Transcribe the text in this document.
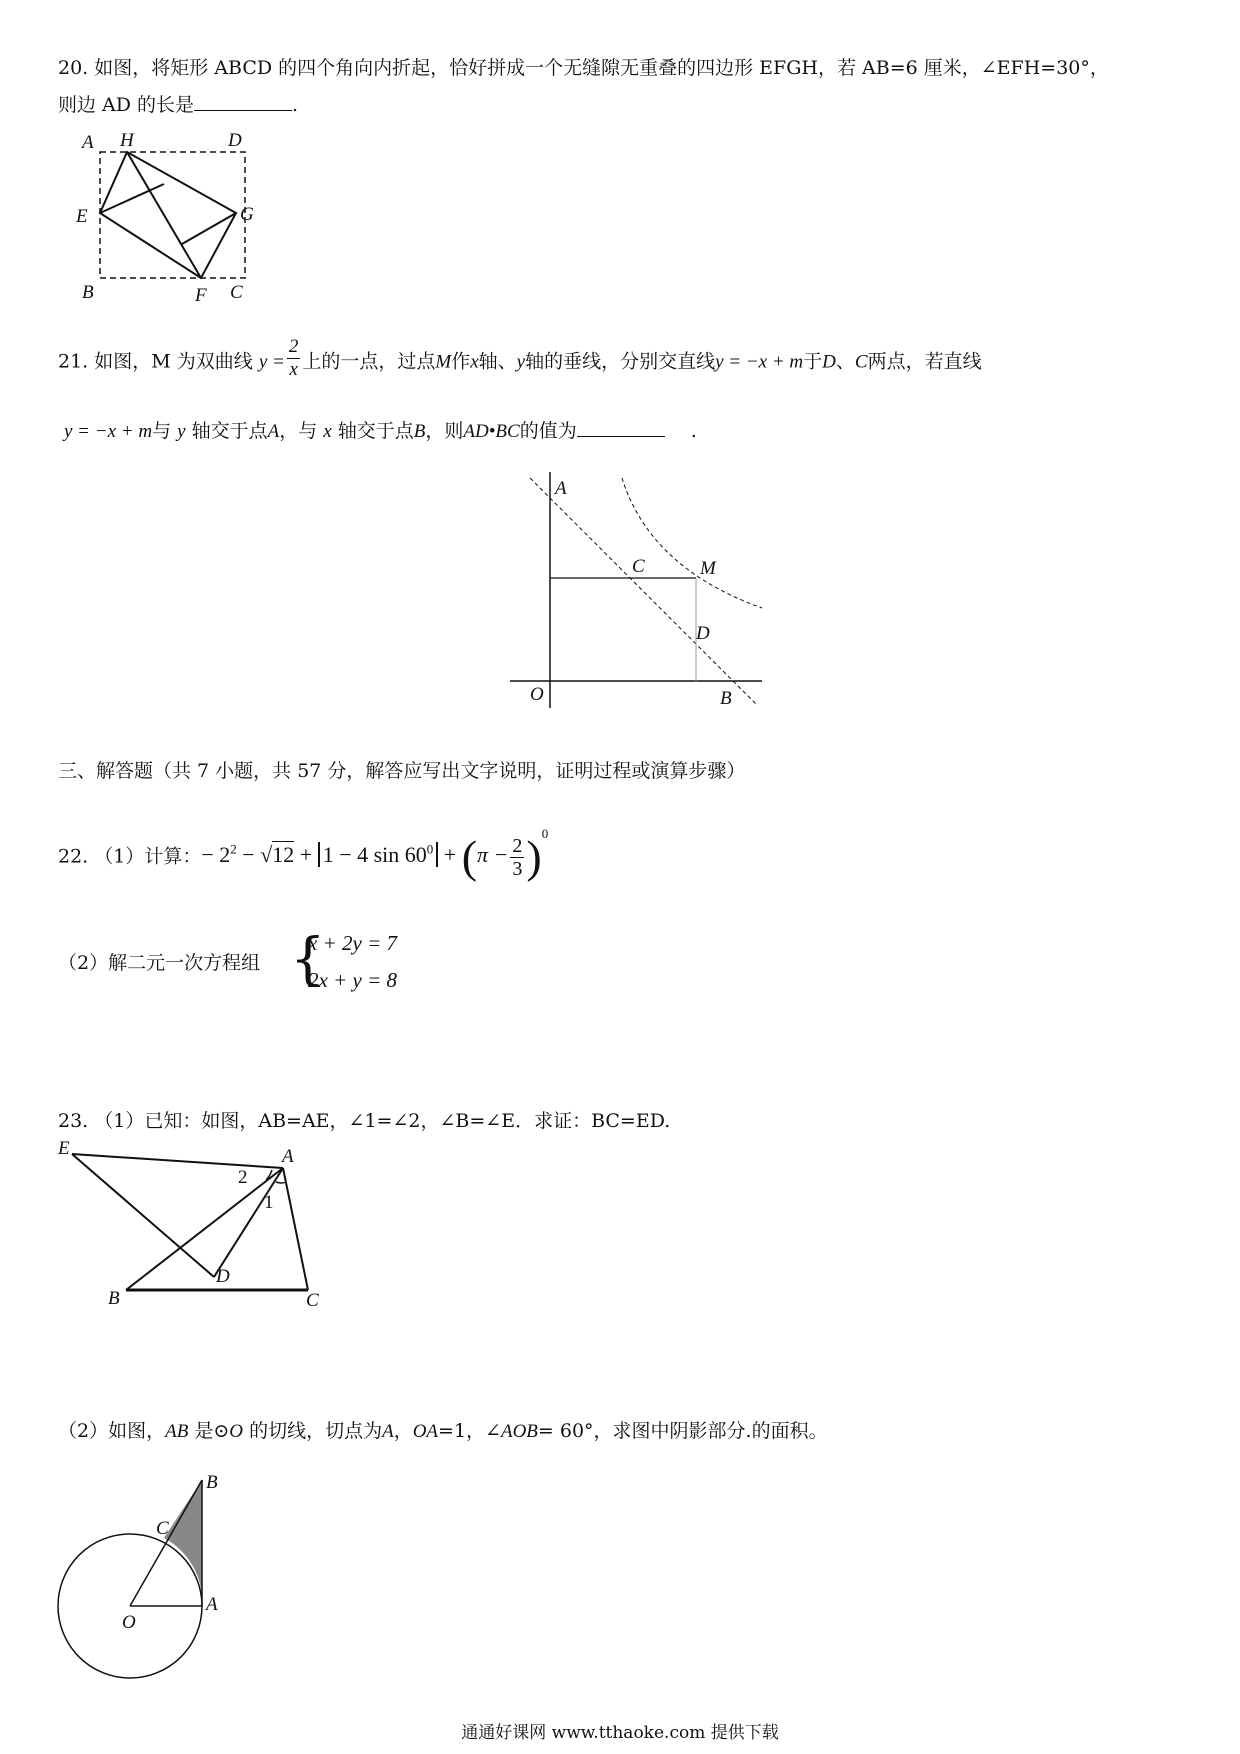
20. 如图，将矩形 ABCD 的四个角向内折起，恰好拼成一个无缝隙无重叠的四边形 EFGH，若 AB=6 厘米，∠EFH=30°，
则边 AD 的长是	.
A H	D
E	G
B	F C
21. 如图，M 为双曲线 $y = \frac{2}{x}$ 上的一点，过点M作x轴、y轴的垂线，分别交直线y = −x + m于D、C两点，若直线
y = −x + m与 y 轴交于点A，与 x 轴交于点B，则AD•BC的值为	.
A
C	M
D
O	B
三、解答题（共 7 小题，共 57 分，解答应写出文字说明，证明过程或演算步骤）
22. （1）计算：− $2^2 - √12 + 1 - 4$ $\sin 60^0 + (\pi - \frac{2}{3} )^0$
（2）解二元一次方程组 {
x + 2y = 7
2x + y = 8
23. （1）已知：如图，AB=AE，∠1=∠2，∠B=∠E．求证：BC=ED.
E	A
2
1
D
B	C
（2）如图，AB 是⊙O 的切线，切点为A，OA=1，∠AOB= 60°，求图中阴影部分.的面积。
B
C
O
A
通通好课网 www.tthaoke.com 提供下载
